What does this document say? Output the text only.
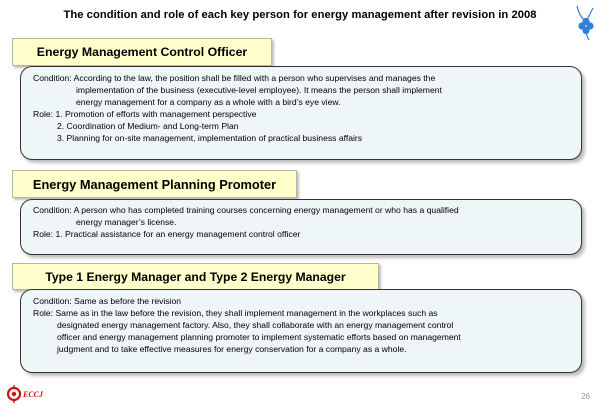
The condition and role of each key person for energy management after revision in 2008
Energy Management Control Officer
Condition: According to the law, the position shall be filled with a person who supervises and manages the
implementation of the business (executive-level employee). It means the person shall implement
energy management for a company as a whole with a bird’s eye view.
Role: 1. Promotion of efforts with management perspective
2. Coordination of Medium- and Long-term Plan
3. Planning for on-site management, implementation of practical business affairs
Energy Management Planning Promoter
Condition: A person who has completed training courses concerning energy management or who has a qualified
energy manager’s license.
Role: 1. Practical assistance for an energy management control officer
Type 1 Energy Manager and Type 2 Energy Manager
Condition: Same as before the revision
Role: Same as in the law before the revision, they shall implement management in the workplaces such as
designated energy management factory. Also, they shall collaborate with an energy management control
officer and energy management planning promoter to implement systematic efforts based on management
judgment and to take effective measures for energy conservation for a company as a whole.
ECCJ	26
